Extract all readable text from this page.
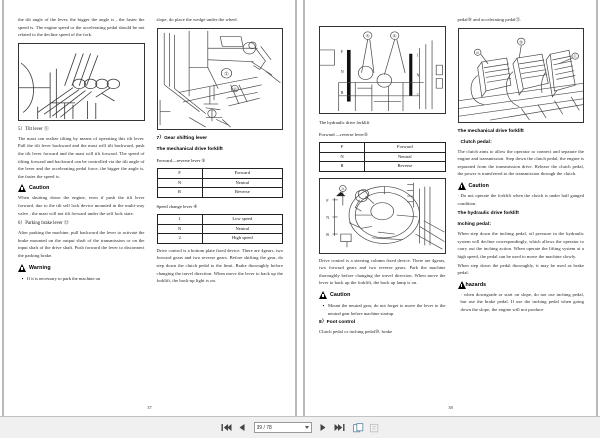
the tilt angle of the lever, the bigger the angle is , the faster the speed is. The engine speed or the accelerating pedal should be not related to the decline speed of the fork.

5）Tilt lever ⑧

The mast can realize tilting by means of operating this tilt lever. Pull the tilt lever backward and the mast will tilt backward, push the tilt lever forward and the mast will tilt forward. The speed of tilting forward and backward can be controlled via the tilt angle of the lever and the accelerating pedal force, the bigger the angle is, the faster the speed is.

Caution

When shutting down the engine, even if push the tilt lever forward, due to the tilt self lock device mounted in the multi-way valve , the mast will not tilt forward under the self lock state.

6）Parking brake lever ⑫

After parking the machine, pull backward the lever to activate the brake mounted on the output shaft of the transmission or on the input shaft of the drive shaft. Push forward the lever to disconnect the parking brake.

Warning
▪ If it is necessary to park the machine on

slope, do place the wedge under the wheel.

①
②
7）Gear shifting lever
The mechanical drive forklift
Forward—reverse lever ⑤
F	Forward
N	Neutral
R	Reverse
Speed change lever ④
1	Low speed
N	Neutral
2	High speed

Drive control is a bottom plate fixed device. There are 4gears, two forward gears and two reverse gears. Before shifting the gear, do step down the clutch pedal to the limit. Brake thoroughly before changing the travel direction. When move the lever to back up the forklift, the back-up light is on.

37
⑤	④
F
N
R
1
N
2
The hydraulic drive forklift
Forward —reverse lever⑤
F	Forward
N	Neutral
R	Reverse
③
F
N
R

Drive control is a steering column fixed device. There are 4gears, two forward gears and two reverse gears. Park the machine thoroughly before changing the travel direction. When move the lever to back up the forklift, the back up lamp is on.

Caution
▪ Mount the neutral gear, do not forget to move the lever to the neutral gear before machine startup.
8）Foot control

Clutch pedal or inching pedal⑩, brake

pedal⑨ and accelerating pedal⑪.

⑨
⑩
⑪
The mechanical drive forklift
Clutch pedal：

The clutch aims to allow the operator to connect and separate the engine and transmission. Step down the clutch pedal, the engine is separated from the transmission drive. Release the clutch pedal, the power is transferred to the transmission through the clutch.

Caution

· Do not operate the forklift when the clutch is under half ganged condition.

The hydraulic drive forklift
Inching pedal：

When step down the inching pedal, oil pressure in the hydraulic system will decline correspondingly, which allows the operator to carry out the inching action. When operate the lifting system at a high speed, the pedal can be used to move the machine slowly.

When step down the pedal thoroughly, it may be used as brake pedal.

hazards

· when downgrade or start on slope, do not use inching pedal, but use the brake pedal. If use the inching pedal when going down the slope, the engine will not produce

38
39 / 78
